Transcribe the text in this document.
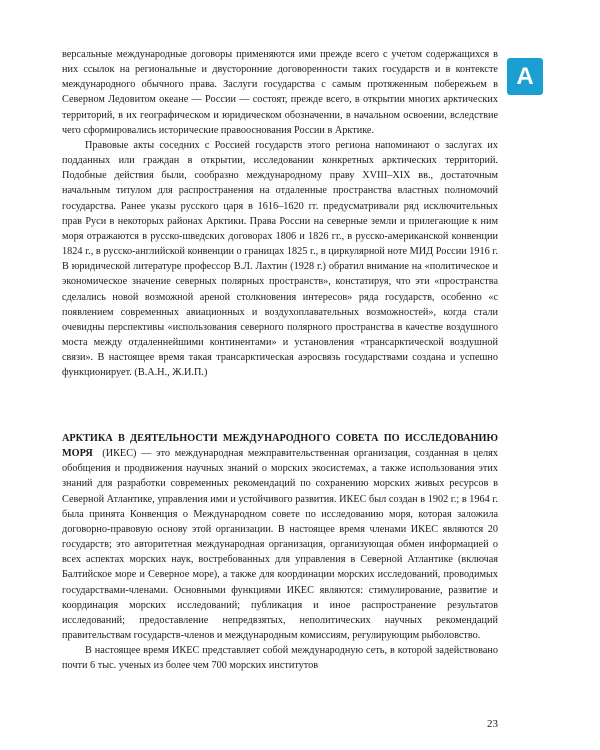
A

версальные международные договоры применяются ими прежде всего с учетом содержащихся в них ссылок на региональные и двусторонние договоренности таких государств и в контексте международного обычного права. Заслуги государства с самым протяженным побережьем в Северном Ледовитом океане — России — состоят, прежде всего, в открытии многих арктических территорий, в их географическом и юридическом обозначении, в начальном освоении, вследствие чего сформировались исторические правооснования России в Арктике.

Правовые акты соседних с Россией государств этого региона напоминают о заслугах их подданных или граждан в открытии, исследовании конкретных арктических территорий. Подобные действия были, сообразно международному праву XVIII–XIX вв., достаточным начальным титулом для распространения на отдаленные пространства властных полномочий государства. Ранее указы русского царя в 1616–1620 гг. предусматривали ряд исключительных прав Руси в некоторых районах Арктики. Права России на северные земли и прилегающие к ним моря отражаются в русско-шведских договорах 1806 и 1826 гг., в русско-американской конвенции 1824 г., в русско-английской конвенции о границах 1825 г., в циркулярной ноте МИД России 1916 г. В юридической литературе профессор В.Л. Лахтин (1928 г.) обратил внимание на «политическое и экономическое значение северных полярных пространств», констатируя, что эти «пространства сделались новой возможной ареной столкновения интересов» ряда государств, особенно «с появлением современных авиационных и воздухоплавательных возможностей», когда стали очевидны перспективы «использования северного полярного пространства в качестве воздушного моста между отдаленнейшими континентами» и установления «трансарктической воздушной связи». В настоящее время такая трансарктическая аэросвязь государствами создана и успешно функционирует. (В.А.Н., Ж.И.П.)

АРКТИКА В ДЕЯТЕЛЬНОСТИ МЕЖДУНАРОДНОГО СОВЕТА ПО ИССЛЕДОВАНИЮ МОРЯ (ИКЕС) — это международная межправительственная организация, созданная в целях обобщения и продвижения научных знаний о морских экосистемах, а также использования этих знаний для разработки современных рекомендаций по сохранению морских живых ресурсов в Северной Атлантике, управления ими и устойчивого развития. ИКЕС был создан в 1902 г.; в 1964 г. была принята Конвенция о Международном совете по исследованию моря, которая заложила договорно-правовую основу этой организации. В настоящее время членами ИКЕС являются 20 государств; это авторитетная международная организация, организующая обмен информацией о всех аспектах морских наук, востребованных для управления в Северной Атлантике (включая Балтийское море и Северное море), а также для координации морских исследований, проводимых государствами-членами. Основными функциями ИКЕС являются: стимулирование, развитие и координация морских исследований; публикация и иное распространение результатов исследований; предоставление непредвзятых, неполитических научных рекомендаций правительствам государств-членов и международным комиссиям, регулирующим рыболовство.

В настоящее время ИКЕС представляет собой международную сеть, в которой задействовано почти 6 тыс. ученых из более чем 700 морских институтов

23
